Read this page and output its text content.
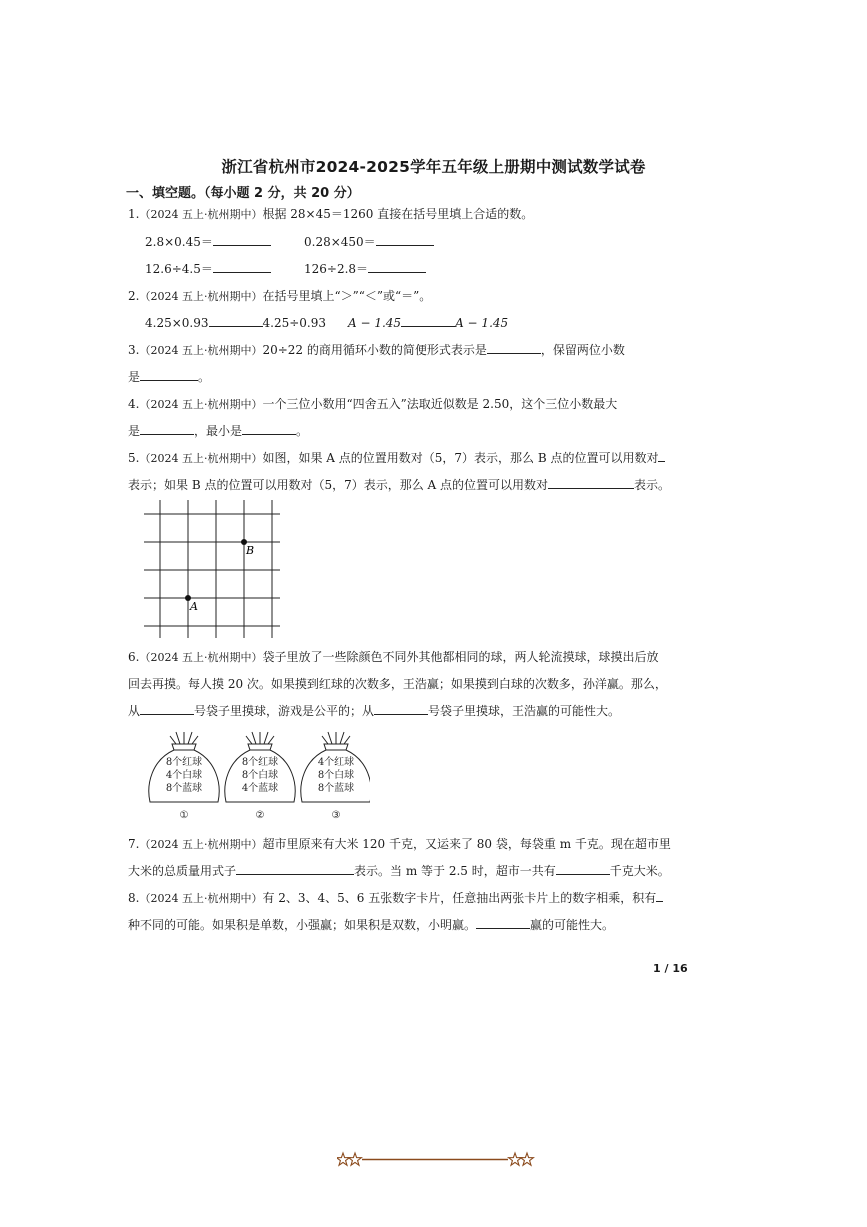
浙江省杭州市2024-2025学年五年级上册期中测试数学试卷
一、填空题。（每小题 2 分，共 20 分）
1.（2024 五上·杭州期中）根据 28×45＝1260 直接在括号里填上合适的数。
2.8×0.45＝	0.28×450＝
12.6÷4.5＝	126÷2.8＝
2.（2024 五上·杭州期中）在括号里填上“＞”“＜”或“＝”。
4.25×0.93	4.25÷0.93 A − 1.45	A − 1.45
3.（2024 五上·杭州期中）20÷22 的商用循环小数的简便形式表示是	，保留两位小数
是	。
4.（2024 五上·杭州期中）一个三位小数用“四舍五入”法取近似数是 2.50，这个三位小数最大
是	，最小是	。
5.（2024 五上·杭州期中）如图，如果 A 点的位置用数对（5，7）表示，那么 B 点的位置可以用数对
表示；如果 B 点的位置可以用数对（5，7）表示，那么 A 点的位置可以用数对	表示。
B
A
6.（2024 五上·杭州期中）袋子里放了一些除颜色不同外其他都相同的球，两人轮流摸球，球摸出后放
回去再摸。每人摸 20 次。如果摸到红球的次数多，王浩赢；如果摸到白球的次数多，孙洋赢。那么，
从	号袋子里摸球，游戏是公平的；从	号袋子里摸球，王浩赢的可能性大。
8个红球
4个白球
8个蓝球
①
8个红球
8个白球
4个蓝球
②
4个红球
8个白球
8个蓝球
③
7.（2024 五上·杭州期中）超市里原来有大米 120 千克，又运来了 80 袋，每袋重 m 千克。现在超市里
大米的总质量用式子	表示。当 m 等于 2.5 时，超市一共有	千克大米。
8.（2024 五上·杭州期中）有 2、3、4、5、6 五张数字卡片，任意抽出两张卡片上的数字相乘，积有
种不同的可能。如果积是单数，小强赢；如果积是双数，小明赢。	赢的可能性大。
1 / 16
